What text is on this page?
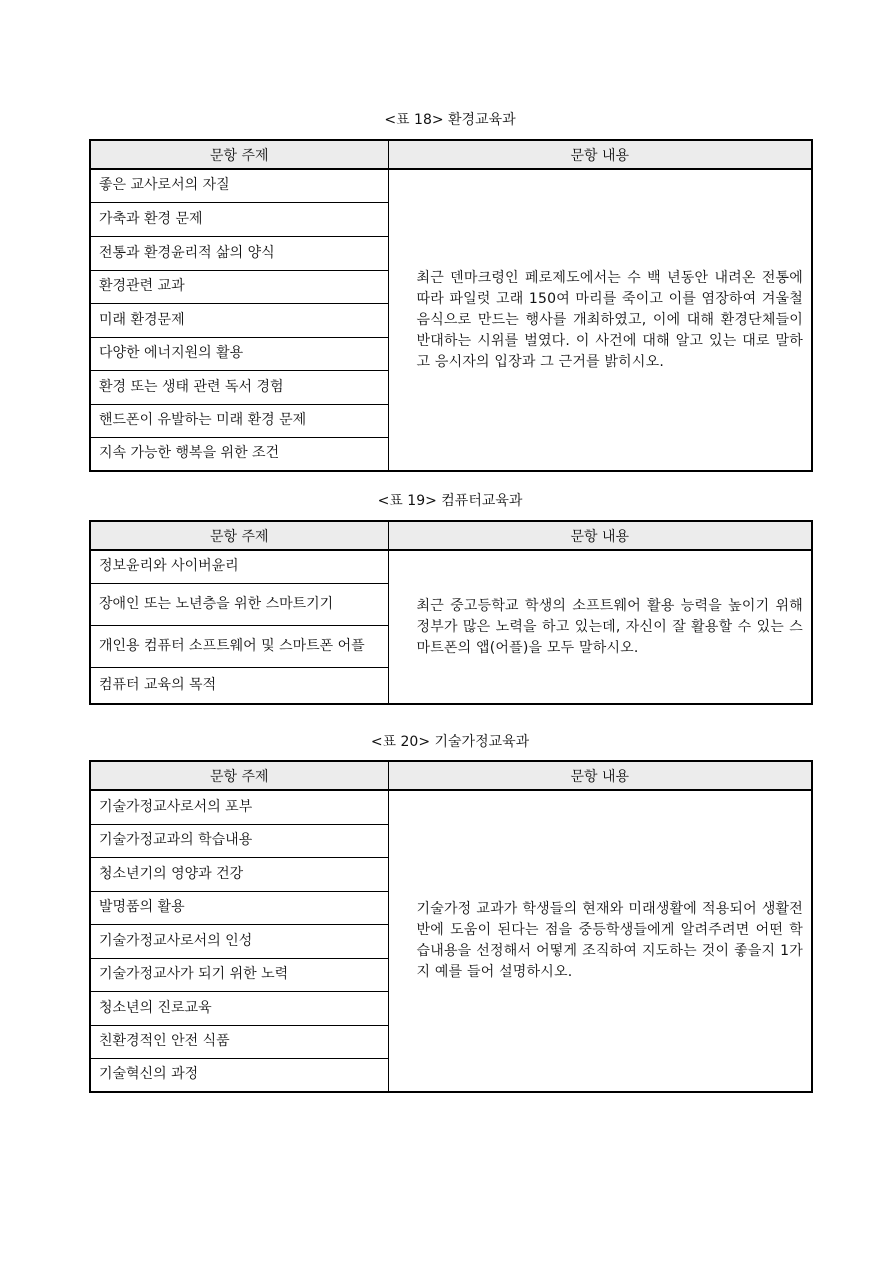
<표 18> 환경교육과
문항 주제	문항 내용
좋은 교사로서의 자질	최근 덴마크령인 페로제도에서는 수 백 년동안 내려온 전통에 따라 파일럿 고래 150여 마리를 죽이고 이를 염장하여 겨울철 음식으로 만드는 행사를 개최하였고, 이에 대해 환경단체들이 반대하는 시위를 벌였다. 이 사건에 대해 알고 있는 대로 말하고 응시자의 입장과 그 근거를 밝히시오.
가축과 환경 문제	
전통과 환경윤리적 삶의 양식	
환경관련 교과	
미래 환경문제	
다양한 에너지원의 활용	
환경 또는 생태 관련 독서 경험	
핸드폰이 유발하는 미래 환경 문제	
지속 가능한 행복을 위한 조건	
<표 19> 컴퓨터교육과
문항 주제	문항 내용
정보윤리와 사이버윤리	최근 중고등학교 학생의 소프트웨어 활용 능력을 높이기 위해 정부가 많은 노력을 하고 있는데, 자신이 잘 활용할 수 있는 스마트폰의 앱(어플)을 모두 말하시오.
장애인 또는 노년층을 위한 스마트기기	
개인용 컴퓨터 소프트웨어 및 스마트폰 어플	
컴퓨터 교육의 목적	
<표 20> 기술가정교육과
문항 주제	문항 내용
기술가정교사로서의 포부	기술가정 교과가 학생들의 현재와 미래생활에 적용되어 생활전반에 도움이 된다는 점을 중등학생들에게 알려주려면 어떤 학습내용을 선정해서 어떻게 조직하여 지도하는 것이 좋을지 1가지 예를 들어 설명하시오.
기술가정교과의 학습내용	
청소년기의 영양과 건강	
발명품의 활용	
기술가정교사로서의 인성	
기술가정교사가 되기 위한 노력	
청소년의 진로교육	
친환경적인 안전 식품	
기술혁신의 과정	
